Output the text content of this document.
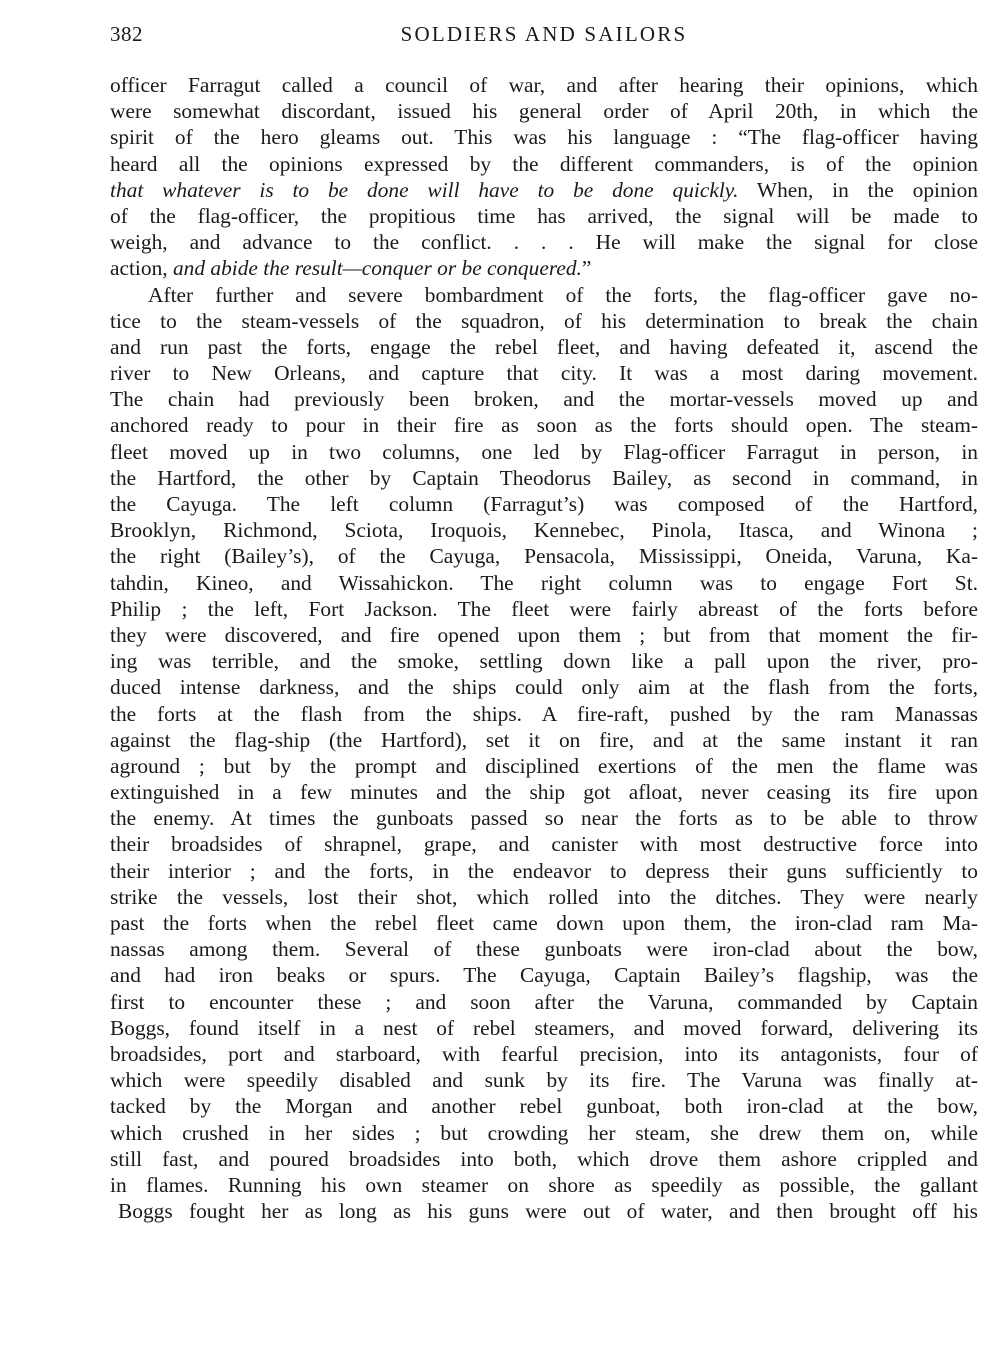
382	SOLDIERS AND SAILORS
officer Farragut called a council of war, and after hearing their opinions, which
were somewhat discordant, issued his general order of April 20th, in which the
spirit of the hero gleams out. This was his language : “The flag-officer having
heard all the opinions expressed by the different commanders, is of the opinion
that whatever is to be done will have to be done quickly. When, in the opinion
of the flag-officer, the propitious time has arrived, the signal will be made to
weigh, and advance to the conflict. . . . He will make the signal for close
action, and abide the result—conquer or be conquered.”
After further and severe bombardment of the forts, the flag-officer gave no-
tice to the steam-vessels of the squadron, of his determination to break the chain
and run past the forts, engage the rebel fleet, and having defeated it, ascend the
river to New Orleans, and capture that city. It was a most daring movement.
The chain had previously been broken, and the mortar-vessels moved up and
anchored ready to pour in their fire as soon as the forts should open. The steam-
fleet moved up in two columns, one led by Flag-officer Farragut in person, in
the Hartford, the other by Captain Theodorus Bailey, as second in command, in
the Cayuga. The left column (Farragut’s) was composed of the Hartford,
Brooklyn, Richmond, Sciota, Iroquois, Kennebec, Pinola, Itasca, and Winona ;
the right (Bailey’s), of the Cayuga, Pensacola, Mississippi, Oneida, Varuna, Ka-
tahdin, Kineo, and Wissahickon. The right column was to engage Fort St.
Philip ; the left, Fort Jackson. The fleet were fairly abreast of the forts before
they were discovered, and fire opened upon them ; but from that moment the fir-
ing was terrible, and the smoke, settling down like a pall upon the river, pro-
duced intense darkness, and the ships could only aim at the flash from the forts,
the forts at the flash from the ships. A fire-raft, pushed by the ram Manassas
against the flag-ship (the Hartford), set it on fire, and at the same instant it ran
aground ; but by the prompt and disciplined exertions of the men the flame was
extinguished in a few minutes and the ship got afloat, never ceasing its fire upon
the enemy. At times the gunboats passed so near the forts as to be able to throw
their broadsides of shrapnel, grape, and canister with most destructive force into
their interior ; and the forts, in the endeavor to depress their guns sufficiently to
strike the vessels, lost their shot, which rolled into the ditches. They were nearly
past the forts when the rebel fleet came down upon them, the iron-clad ram Ma-
nassas among them. Several of these gunboats were iron-clad about the bow,
and had iron beaks or spurs. The Cayuga, Captain Bailey’s flagship, was the
first to encounter these ; and soon after the Varuna, commanded by Captain
Boggs, found itself in a nest of rebel steamers, and moved forward, delivering its
broadsides, port and starboard, with fearful precision, into its antagonists, four of
which were speedily disabled and sunk by its fire. The Varuna was finally at-
tacked by the Morgan and another rebel gunboat, both iron-clad at the bow,
which crushed in her sides ; but crowding her steam, she drew them on, while
still fast, and poured broadsides into both, which drove them ashore crippled and
in flames. Running his own steamer on shore as speedily as possible, the gallant
Boggs fought her as long as his guns were out of water, and then brought off his
